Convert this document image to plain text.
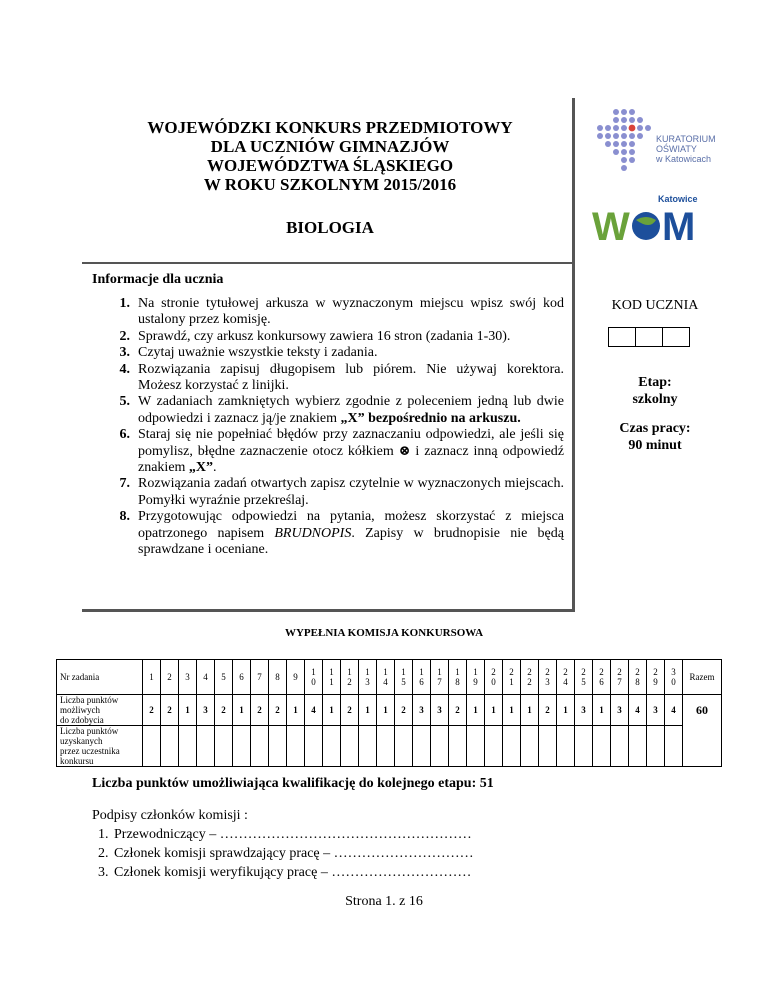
WOJEWÓDZKI KONKURS PRZEDMIOTOWY
DLA UCZNIÓW GIMNAZJÓW
WOJEWÓDZTWA ŚLĄSKIEGO
W ROKU SZKOLNYM 2015/2016
BIOLOGIA
KURATORIUM
OŚWIATY
w Katowicach
W M
Katowice
Informacje dla ucznia
1. Na stronie tytułowej arkusza w wyznaczonym miejscu wpisz swój kod ustalony przez komisję.
2. Sprawdź, czy arkusz konkursowy zawiera 16 stron (zadania 1-30).
3. Czytaj uważnie wszystkie teksty i zadania.
4. Rozwiązania zapisuj długopisem lub piórem. Nie używaj korektora. Możesz korzystać z linijki.
5. W zadaniach zamkniętych wybierz zgodnie z poleceniem jedną lub dwie odpowiedzi i zaznacz ją/je znakiem „X” bezpośrednio na arkuszu.
6. Staraj się nie popełniać błędów przy zaznaczaniu odpowiedzi, ale jeśli się pomylisz, błędne zaznaczenie otocz kółkiem ⊗ i zaznacz inną odpowiedź znakiem „X”.
7. Rozwiązania zadań otwartych zapisz czytelnie w wyznaczonych miejscach. Pomyłki wyraźnie przekreślaj.
8. Przygotowując odpowiedzi na pytania, możesz skorzystać z miejsca opatrzonego napisem BRUDNOPIS. Zapisy w brudnopisie nie będą sprawdzane i oceniane.
KOD UCZNIA
Etap:
szkolny
Czas pracy:
90 minut
WYPEŁNIA KOMISJA KONKURSOWA
Nr zadania	1	2	3	4	5	6	7	8	9	10	11	12	13	14	15	16	17	18	19	20	21	22	23	24	25	26	27	28	29	30	Razem

Liczba punktów
możliwych
do zdobycia	2	2	1	3	2	1	2	2	1	4	1	2	1	1	2	3	3	2	1	1	1	1	2	1	3	1	3	4	3	4	60

Liczba punktów
uzyskanych
przez uczestnika
konkursu																															

Liczba punktów umożliwiająca kwalifikację do kolejnego etapu: 51
Podpisy członków komisji :
1. Przewodniczący – ………………………………………………
2. Członek komisji sprawdzający pracę – …………………………
3. Członek komisji weryfikujący pracę – …………………………
Strona 1. z 16
